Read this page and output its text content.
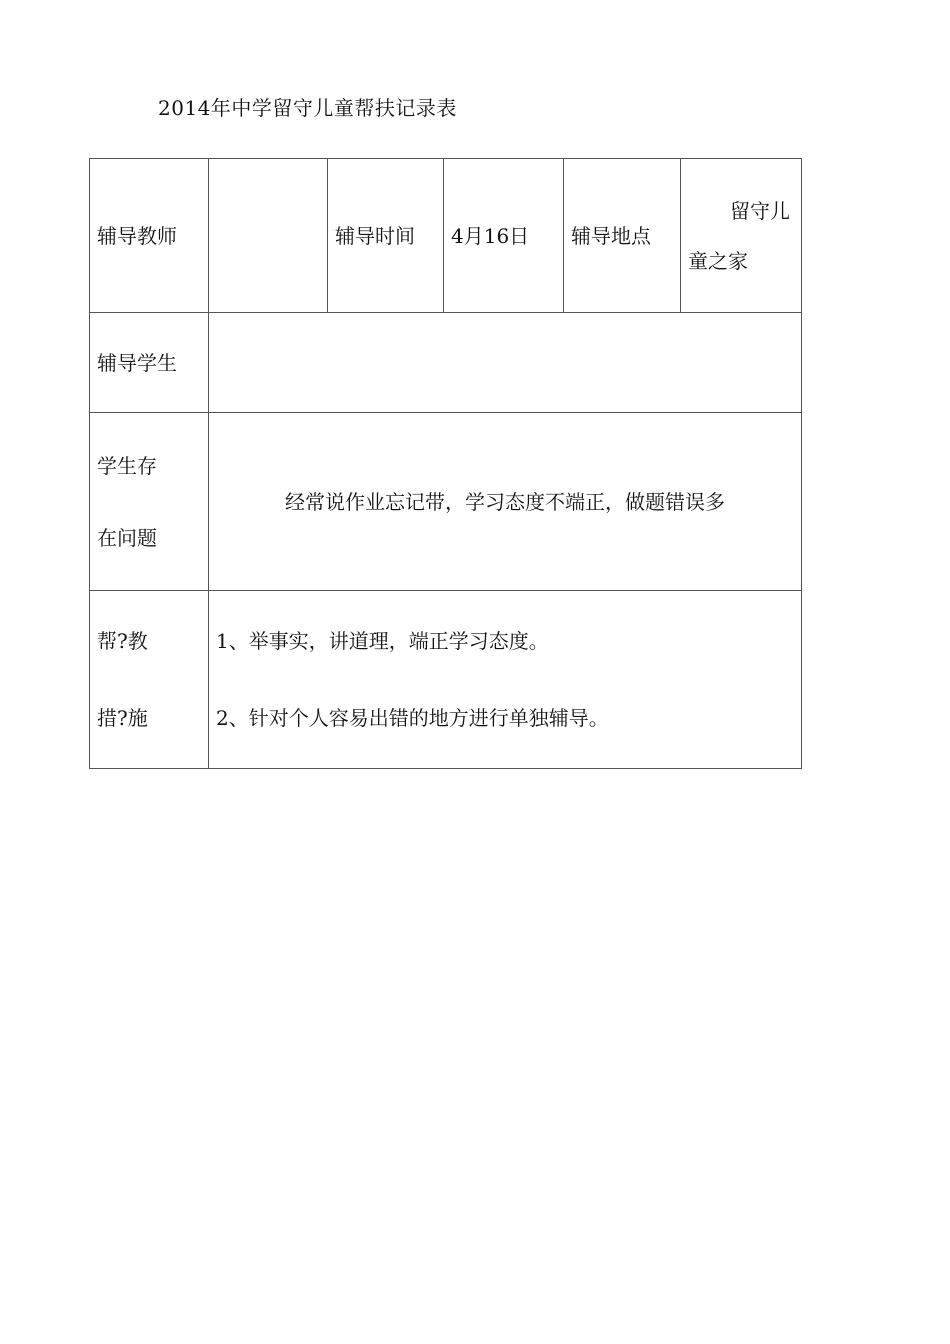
2014年中学留守儿童帮扶记录表
辅导教师		辅导时间	4月16日	辅导地点	留守儿
童之家

辅导学生					

学生存
在问题	经常说作业忘记带，学习态度不端正，做题错误多				

帮?教
措?施	1、举事实，讲道理，端正学习态度。
2、针对个人容易出错的地方进行单独辅导。				
